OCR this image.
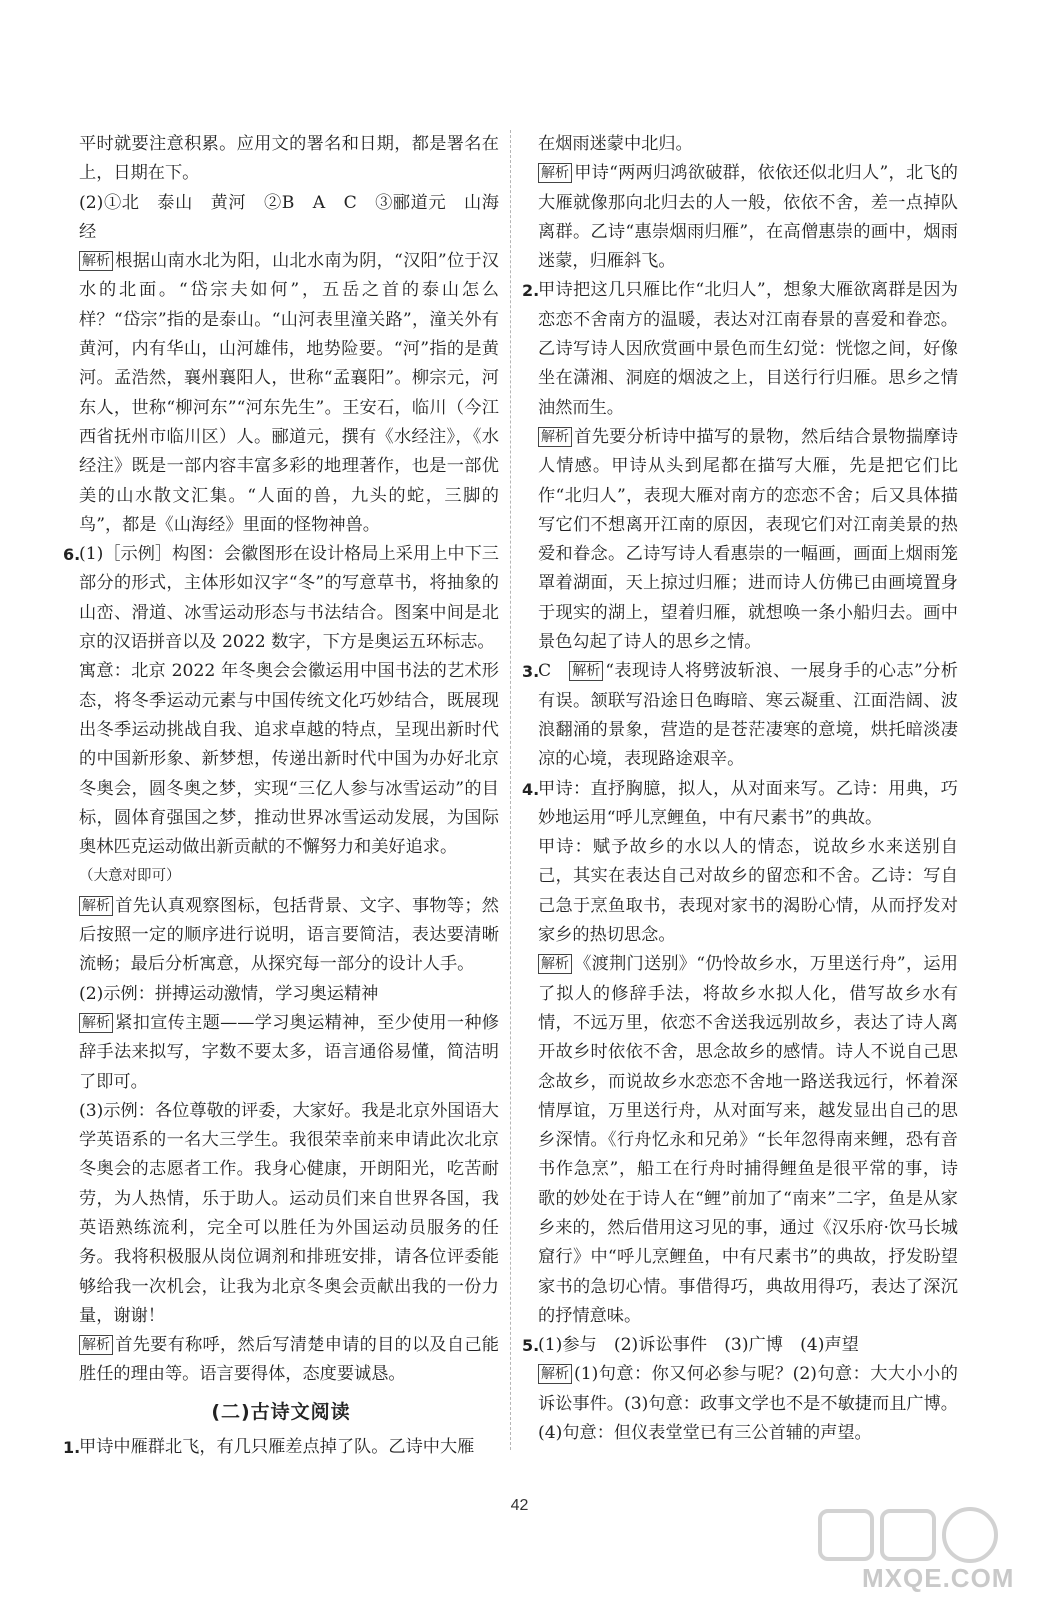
平时就要注意积累。应用文的署名和日期，都是署名在上，日期在下。

(2)①北　泰山　黄河　②B　A　C　③郦道元　山海经

解析 根据山南水北为阳，山北水南为阴，“汉阳”位于汉水的北面。“岱宗夫如何”，五岳之首的泰山怎么样？“岱宗”指的是泰山。“山河表里潼关路”，潼关外有黄河，内有华山，山河雄伟，地势险要。“河”指的是黄河。孟浩然，襄州襄阳人，世称“孟襄阳”。柳宗元，河东人，世称“柳河东”“河东先生”。王安石，临川（今江西省抚州市临川区）人。郦道元，撰有《水经注》，《水经注》既是一部内容丰富多彩的地理著作，也是一部优美的山水散文汇集。“人面的兽，九头的蛇，三脚的鸟”，都是《山海经》里面的怪物神兽。

6.

(1)［示例］构图：会徽图形在设计格局上采用上中下三部分的形式，主体形如汉字“冬”的写意草书，将抽象的山峦、滑道、冰雪运动形态与书法结合。图案中间是北京的汉语拼音以及 2022 数字，下方是奥运五环标志。

寓意：北京 2022 年冬奥会会徽运用中国书法的艺术形态，将冬季运动元素与中国传统文化巧妙结合，既展现出冬季运动挑战自我、追求卓越的特点，呈现出新时代的中国新形象、新梦想，传递出新时代中国为办好北京冬奥会，圆冬奥之梦，实现“三亿人参与冰雪运动”的目标，圆体育强国之梦，推动世界冰雪运动发展，为国际奥林匹克运动做出新贡献的不懈努力和美好追求。

（大意对即可）

解析 首先认真观察图标，包括背景、文字、事物等；然后按照一定的顺序进行说明，语言要简洁，表达要清晰流畅；最后分析寓意，从探究每一部分的设计人手。

(2)示例：拼搏运动激情，学习奥运精神

解析 紧扣宣传主题——学习奥运精神，至少使用一种修辞手法来拟写，字数不要太多，语言通俗易懂，简洁明了即可。

(3)示例：各位尊敬的评委，大家好。我是北京外国语大学英语系的一名大三学生。我很荣幸前来申请此次北京冬奥会的志愿者工作。我身心健康，开朗阳光，吃苦耐劳，为人热情，乐于助人。运动员们来自世界各国，我英语熟练流利，完全可以胜任为外国运动员服务的任务。我将积极服从岗位调剂和排班安排，请各位评委能够给我一次机会，让我为北京冬奥会贡献出我的一份力量，谢谢！

解析 首先要有称呼，然后写清楚申请的目的以及自己能胜任的理由等。语言要得体，态度要诚恳。

(二)古诗文阅读
1.

甲诗中雁群北飞，有几只雁差点掉了队。乙诗中大雁

在烟雨迷蒙中北归。

解析 甲诗“两两归鸿欲破群，依依还似北归人”，北飞的大雁就像那向北归去的人一般，依依不舍，差一点掉队离群。乙诗“惠崇烟雨归雁”，在高僧惠崇的画中，烟雨迷蒙，归雁斜飞。

2.

甲诗把这几只雁比作“北归人”，想象大雁欲离群是因为恋恋不舍南方的温暖，表达对江南春景的喜爱和眷恋。乙诗写诗人因欣赏画中景色而生幻觉：恍惚之间，好像坐在潇湘、洞庭的烟波之上，目送行行归雁。思乡之情油然而生。

解析 首先要分析诗中描写的景物，然后结合景物揣摩诗人情感。甲诗从头到尾都在描写大雁，先是把它们比作“北归人”，表现大雁对南方的恋恋不舍；后又具体描写它们不想离开江南的原因，表现它们对江南美景的热爱和眷念。乙诗写诗人看惠崇的一幅画，画面上烟雨笼罩着湖面，天上掠过归雁；进而诗人仿佛已由画境置身于现实的湖上，望着归雁，就想唤一条小船归去。画中景色勾起了诗人的思乡之情。

3.

C　 解析 “表现诗人将劈波斩浪、一展身手的心志”分析有误。颔联写沿途日色晦暗、寒云凝重、江面浩阔、波浪翻涌的景象，营造的是苍茫凄寒的意境，烘托暗淡凄凉的心境，表现路途艰辛。

4.

甲诗：直抒胸臆，拟人，从对面来写。乙诗：用典，巧妙地运用“呼儿烹鲤鱼，中有尺素书”的典故。

甲诗：赋予故乡的水以人的情态，说故乡水来送别自己，其实在表达自己对故乡的留恋和不舍。乙诗：写自己急于烹鱼取书，表现对家书的渴盼心情，从而抒发对家乡的热切思念。

解析 《渡荆门送别》“仍怜故乡水，万里送行舟”，运用了拟人的修辞手法，将故乡水拟人化，借写故乡水有情，不远万里，依恋不舍送我远别故乡，表达了诗人离开故乡时依依不舍，思念故乡的感情。诗人不说自己思念故乡，而说故乡水恋恋不舍地一路送我远行，怀着深情厚谊，万里送行舟，从对面写来，越发显出自己的思乡深情。《行舟忆永和兄弟》“长年忽得南来鲤，恐有音书作急烹”，船工在行舟时捕得鲤鱼是很平常的事，诗歌的妙处在于诗人在“鲤”前加了“南来”二字，鱼是从家乡来的，然后借用这习见的事，通过《汉乐府·饮马长城窟行》中“呼儿烹鲤鱼，中有尺素书”的典故，抒发盼望家书的急切心情。事借得巧，典故用得巧，表达了深沉的抒情意味。

5.

(1)参与　(2)诉讼事件　(3)广博　(4)声望

解析 (1)句意：你又何必参与呢？(2)句意：大大小小的诉讼事件。(3)句意：政事文学也不是不敏捷而且广博。(4)句意：但仪表堂堂已有三公首辅的声望。

42
MXQE.COM
